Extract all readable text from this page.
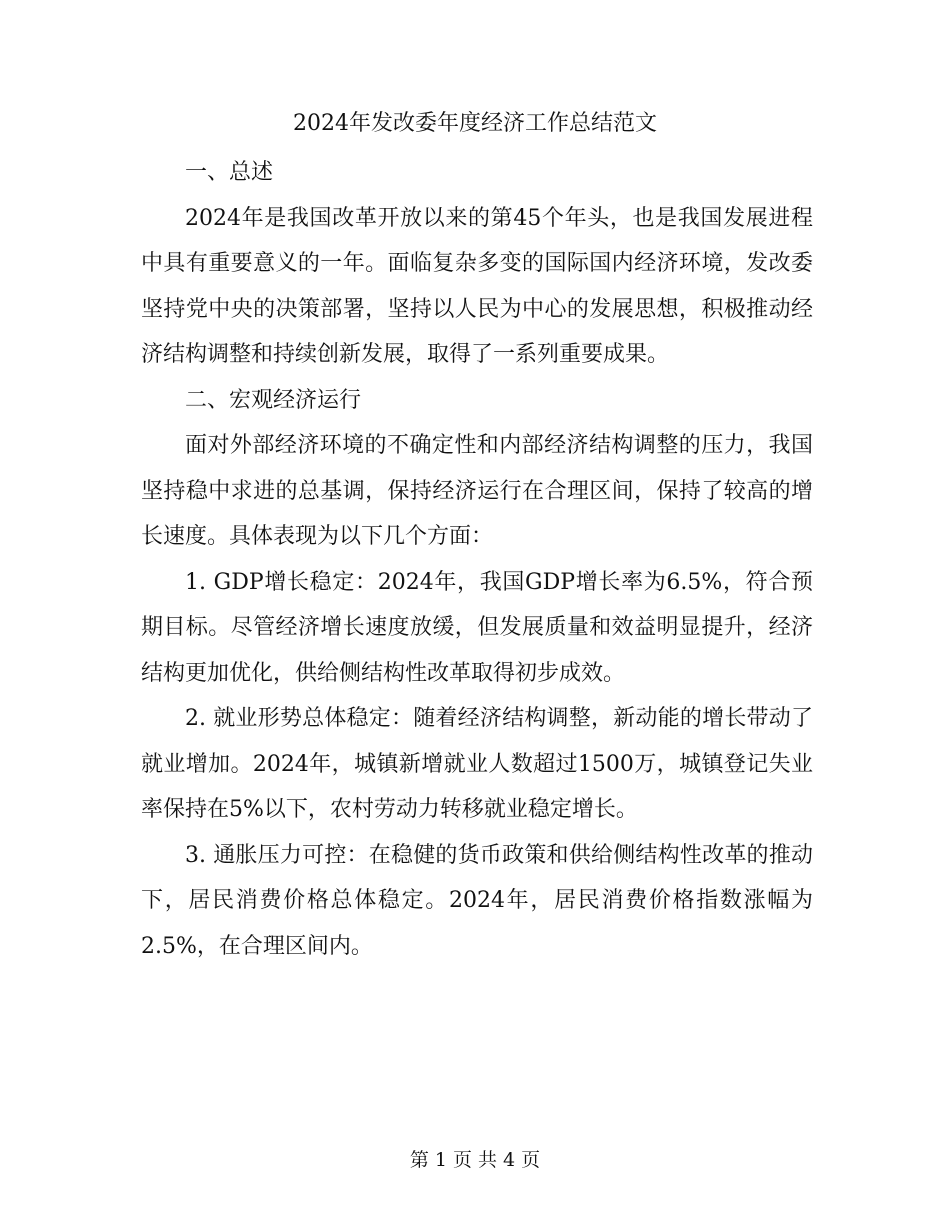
2024年发改委年度经济工作总结范文

一、总述

2024年是我国改革开放以来的第45个年头，也是我国发展进程中具有重要意义的一年。面临复杂多变的国际国内经济环境，发改委坚持党中央的决策部署，坚持以人民为中心的发展思想，积极推动经济结构调整和持续创新发展，取得了一系列重要成果。

二、宏观经济运行

面对外部经济环境的不确定性和内部经济结构调整的压力，我国坚持稳中求进的总基调，保持经济运行在合理区间，保持了较高的增长速度。具体表现为以下几个方面：

1. GDP增长稳定：2024年，我国GDP增长率为6.5%，符合预期目标。尽管经济增长速度放缓，但发展质量和效益明显提升，经济结构更加优化，供给侧结构性改革取得初步成效。

2. 就业形势总体稳定：随着经济结构调整，新动能的增长带动了就业增加。2024年，城镇新增就业人数超过1500万，城镇登记失业率保持在5%以下，农村劳动力转移就业稳定增长。

3. 通胀压力可控：在稳健的货币政策和供给侧结构性改革的推动下，居民消费价格总体稳定。2024年，居民消费价格指数涨幅为2.5%，在合理区间内。

第 1 页 共 4 页
